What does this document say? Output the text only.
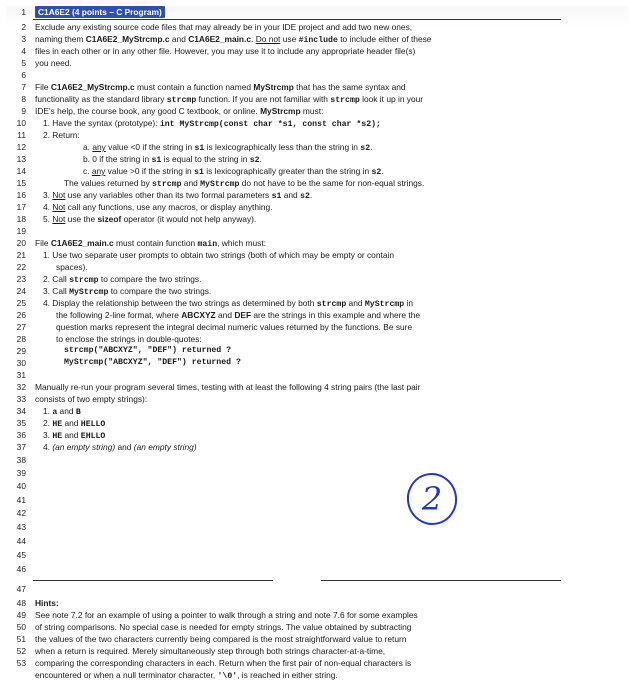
1
2
3
4
5
6
7
8
9
10
11
12
13
14
15
16
17
18
19
20
21
22
23
24
25
26
27
28
29
30
31
32
33
34
35
36
37
38
39
40
41
42
43
44
45
46
47
48
49
50
51
52
53
C1A6E2 (4 points – C Program)
Exclude any existing source code files that may already be in your IDE project and add two new ones,
naming them C1A6E2_MyStrcmp.c and C1A6E2_main.c. Do not use #include to include either of these
files in each other or in any other file. However, you may use it to include any appropriate header file(s)
you need.
File C1A6E2_MyStrcmp.c must contain a function named MyStrcmp that has the same syntax and
functionality as the standard library strcmp function. If you are not familiar with strcmp look it up in your
IDE's help, the course book, any good C textbook, or online. MyStrcmp must:
1. Have the syntax (prototype): int MyStrcmp(const char *s1, const char *s2);
2. Return:
a. any value <0 if the string in s1 is lexicographically less than the string in s2.
b. 0 if the string in s1 is equal to the string in s2.
c. any value >0 if the string in s1 is lexicographically greater than the string in s2.
The values returned by strcmp and MyStrcmp do not have to be the same for non-equal strings.
3. Not use any variables other than its two formal parameters s1 and s2.
4. Not call any functions, use any macros, or display anything.
5. Not use the sizeof operator (it would not help anyway).
File C1A6E2_main.c must contain function main, which must:
1. Use two separate user prompts to obtain two strings (both of which may be empty or contain
spaces).
2. Call strcmp to compare the two strings.
3. Call MyStrcmp to compare the two strings.
4. Display the relationship between the two strings as determined by both strcmp and MyStrcmp in
the following 2-line format, where ABCXYZ and DEF are the strings in this example and where the
question marks represent the integral decimal numeric values returned by the functions. Be sure
to enclose the strings in double-quotes:
strcmp("ABCXYZ", "DEF") returned ?
MyStrcmp("ABCXYZ", "DEF") returned ?
Manually re-run your program several times, testing with at least the following 4 string pairs (the last pair
consists of two empty strings):
1. a and B
2. HE and HELLO
3. HE and EHLLO
4. (an empty string) and (an empty string)
2
Hints:
See note 7.2 for an example of using a pointer to walk through a string and note 7.6 for some examples
of string comparisons. No special case is needed for empty strings. The value obtained by subtracting
the values of the two characters currently being compared is the most straightforward value to return
when a return is required. Merely simultaneously step through both strings character-at-a-time,
comparing the corresponding characters in each. Return when the first pair of non-equal characters is
encountered or when a null terminator character, '\0', is reached in either string.
